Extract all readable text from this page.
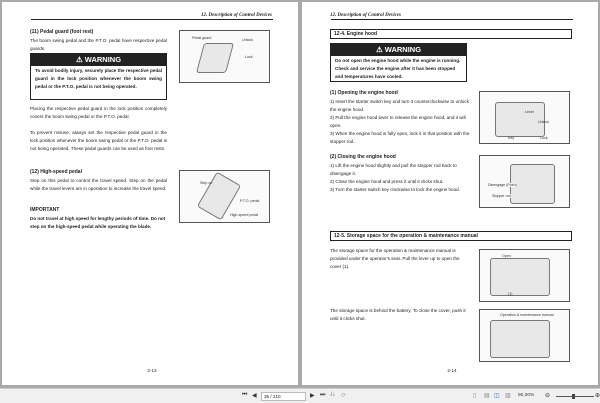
12. Description of Control Devices
(11) Pedal guard (foot rest)
The boom swing pedal and the P.T.O. pedal have respective pedal guards.
⚠ WARNING
To avoid bodily injury, securely place the respective pedal guard in the lock position whenever the boom swing pedal or the P.T.O. pedal is not being operated.
Placing the respective pedal guard in the lock position completely covers the boom swing pedal or the P.T.O. pedal.
To prevent misuse, always set the respective pedal guard in the lock position whenever the boom swing pedal or the P.T.O. pedal is not being operated. These pedal guards can be used as foot rests.
(12) High-speed pedal
Step on this pedal to control the travel speed. Step on the pedal while the travel levers are in operation to increase the travel speed.
IMPORTANT
Do not travel at high speed for lengthy periods of time. Do not step on the high-speed pedal while operating the blade.
Pedal guard	Unlock
Lock
Step on
P.T.O. pedal
High-speed pedal
2-13
12. Description of Control Devices
12-4. Engine hood
⚠ WARNING
Do not open the engine hood while the engine is running. Check and service the engine after it has been stopped and temperatures have cooled.
(1) Opening the engine hood
1) Insert the starter switch key and turn it counterclockwise to unlock the engine hood.
2) Pull the engine hood lever to release the engine hood, and it will open.
3) When the engine hood is fully open, lock it in that position with the stopper rod.
(2) Closing the engine hood
1) Lift the engine hood slightly and pull the stopper rod back to disengage it.
2) Close the engine hood and press it until it clicks shut.
3) Turn the starter switch key clockwise to lock the engine hood.
Lever
Unlock
Key	Lock
Disengage (Push)
Stopper rod
12-5. Storage space for the operation & maintenance manual
The storage space for the operation & maintenance manual is provided under the operator's seat. Pull the lever up to open the cover (1).
The storage space is behind the battery. To close the cover, push it until it clicks shut.
Open
(1)
Operation & maintenance manual
2-14
⏮ ◀	35 / 210	▶ ⏭ ⎌ ⟳	▯ ▤ ◫ ▥ 90,30% ⊖	⊕
